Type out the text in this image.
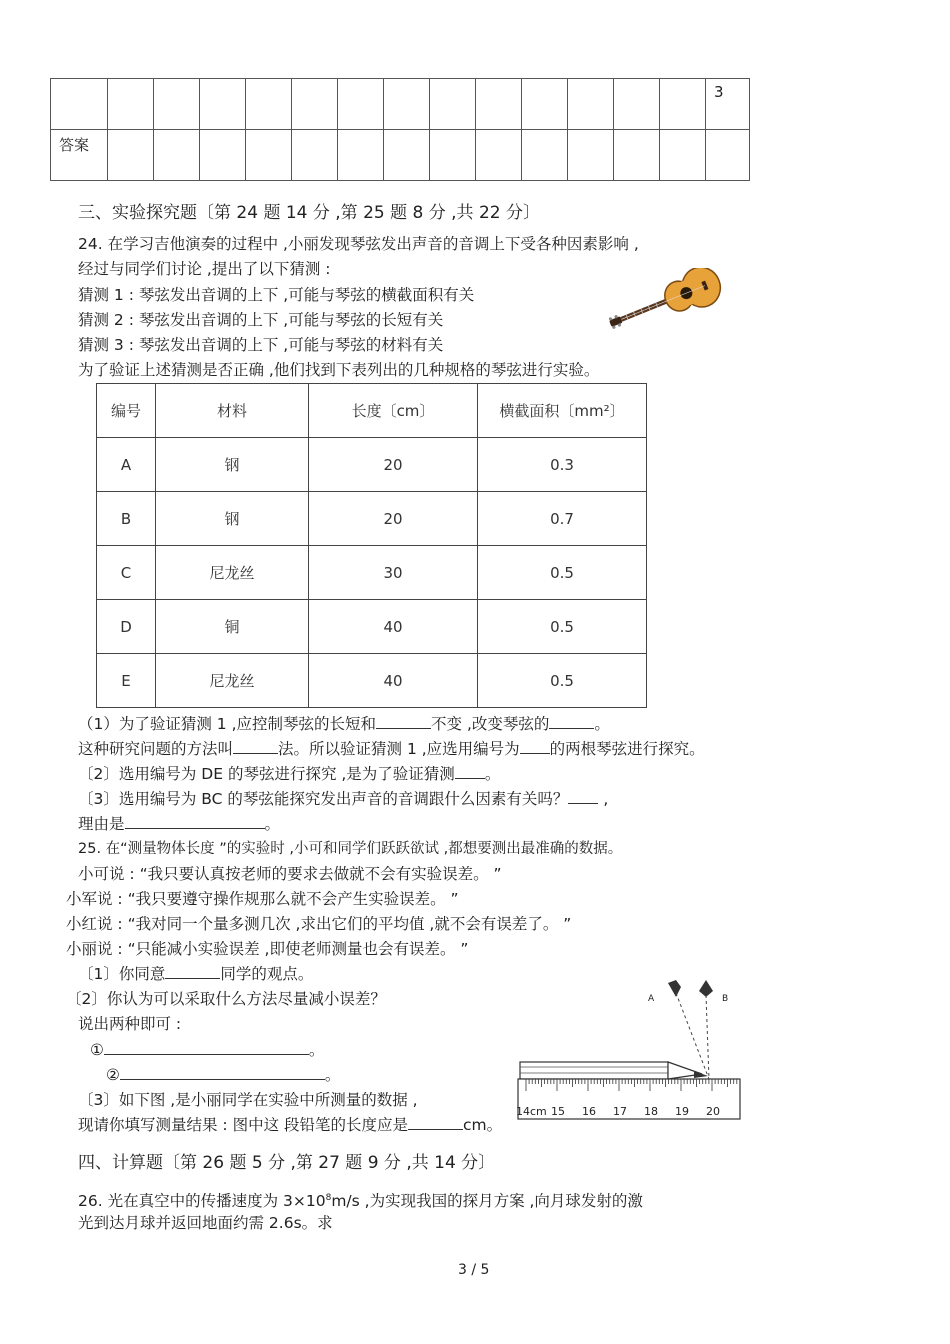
														3
答案														
三、实验探究题〔第 24 题 14 分 ,第 25 题 8 分 ,共 22 分〕
24. 在学习吉他演奏的过程中 ,小丽发现琴弦发出声音的音调上下受各种因素影响 ,
经过与同学们讨论 ,提出了以下猜测 :
猜测 1 : 琴弦发出音调的上下 ,可能与琴弦的横截面积有关
猜测 2 : 琴弦发出音调的上下 ,可能与琴弦的长短有关
猜测 3 : 琴弦发出音调的上下 ,可能与琴弦的材料有关
为了验证上述猜测是否正确 ,他们找到下表列出的几种规格的琴弦进行实验。
编号	材料	长度〔cm〕	横截面积〔mm²〕
A	钢	20	0.3
B	钢	20	0.7
C	尼龙丝	30	0.5
D	铜	40	0.5
E	尼龙丝	40	0.5
（1）为了验证猜测 1 ,应控制琴弦的长短和	不变 ,改变琴弦的	。
这种研究问题的方法叫	法。所以验证猜测 1 ,应选用编号为 的两根琴弦进行探究。
〔2〕选用编号为 DE 的琴弦进行探究 ,是为了验证猜测 。
〔3〕选用编号为 BC 的琴弦能探究发出声音的音调跟什么因素有关吗？ ,
理由是	。
25. 在“测量物体长度 ”的实验时 ,小可和同学们跃跃欲试 ,都想要测出最准确的数据。
小可说 : “我只要认真按老师的要求去做就不会有实验误差。 ”
小军说 : “我只要遵守操作规那么就不会产生实验误差。 ”
小红说 : “我对同一个量多测几次 ,求出它们的平均值 ,就不会有误差了。 ”
小丽说 : “只能减小实验误差 ,即使老师测量也会有误差。 ”
〔1〕你同意	同学的观点。
〔2〕你认为可以采取什么方法尽量减小误差？
说出两种即可 :
①	。
②	。
〔3〕如下图 ,是小丽同学在实验中所测量的数据 ,
现请你填写测量结果 : 图中这 段铅笔的长度应是	cm。
A	B
14cm 15 16 17 18 19 20
四、计算题〔第 26 题 5 分 ,第 27 题 9 分 ,共 14 分〕
26. 光在真空中的传播速度为 $3\times 10^8m/s$ ,为实现我国的探月方案 ,向月球发射的激
光到达月球并返回地面约需 2.6s。求
3 / 5
